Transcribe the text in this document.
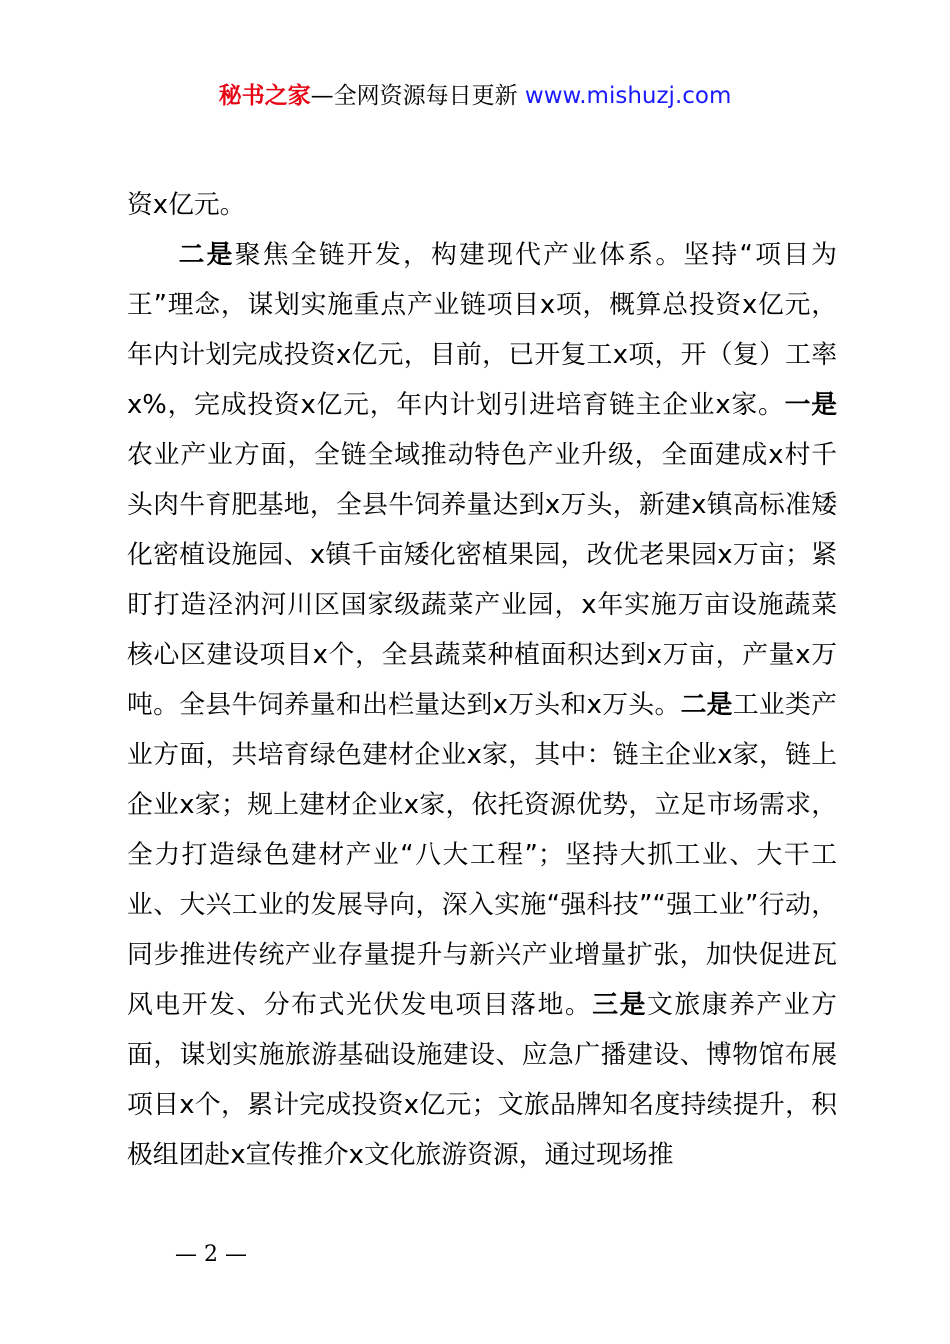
秘书之家—全网资源每日更新 www.mishuzj.com

资x亿元。

二是聚焦全链开发，构建现代产业体系。坚持“项目为王”理念，谋划实施重点产业链项目x项，概算总投资x亿元，年内计划完成投资x亿元，目前，已开复工x项，开（复）工率x%，完成投资x亿元，年内计划引进培育链主企业x家。一是农业产业方面，全链全域推动特色产业升级，全面建成x村千头肉牛育肥基地，全县牛饲养量达到x万头，新建x镇高标准矮化密植设施园、x镇千亩矮化密植果园，改优老果园x万亩；紧盯打造泾汭河川区国家级蔬菜产业园，x年实施万亩设施蔬菜核心区建设项目x个，全县蔬菜种植面积达到x万亩，产量x万吨。全县牛饲养量和出栏量达到x万头和x万头。二是工业类产业方面，共培育绿色建材企业x家，其中：链主企业x家，链上企业x家；规上建材企业x家，依托资源优势，立足市场需求，全力打造绿色建材产业“八大工程”；坚持大抓工业、大干工业、大兴工业的发展导向，深入实施“强科技”“强工业”行动，同步推进传统产业存量提升与新兴产业增量扩张，加快促进瓦风电开发、分布式光伏发电项目落地。三是文旅康养产业方面，谋划实施旅游基础设施建设、应急广播建设、博物馆布展项目x个，累计完成投资x亿元；文旅品牌知名度持续提升，积极组团赴x宣传推介x文化旅游资源，通过现场推

— 2 —
